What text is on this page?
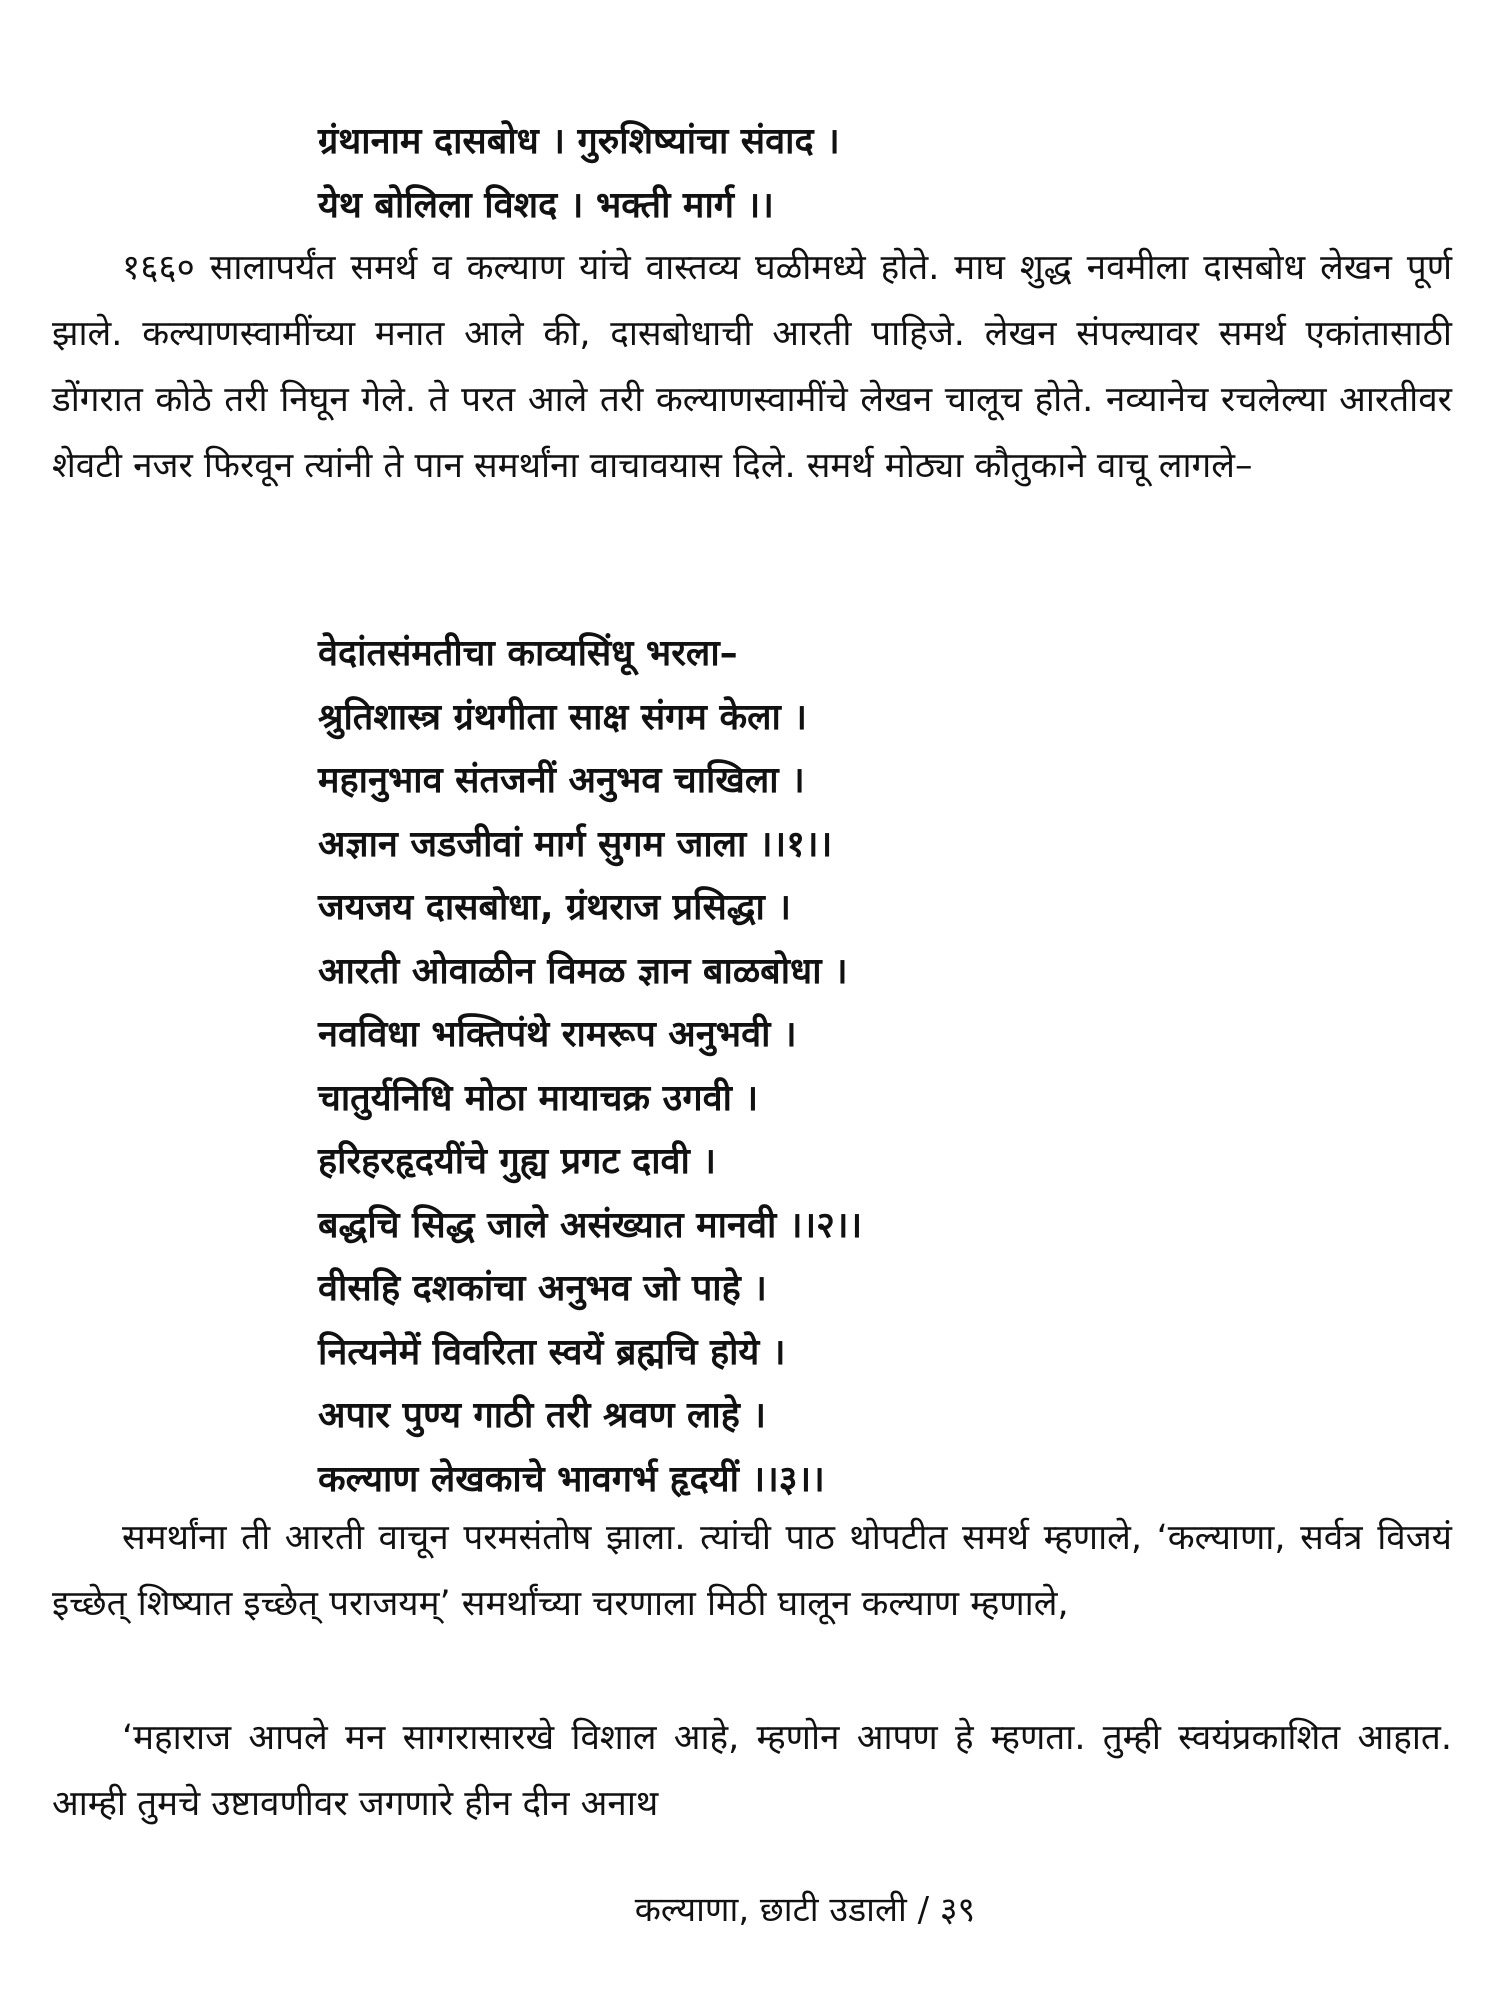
ग्रंथानाम दासबोध । गुरुशिष्यांचा संवाद ।

येथ बोलिला विशद । भक्ती मार्ग ।।

१६६० सालापर्यंत समर्थ व कल्याण यांचे वास्तव्य घळीमध्ये होते. माघ शुद्ध नवमीला दासबोध लेखन पूर्ण झाले. कल्याणस्वामींच्या मनात आले की, दासबोधाची आरती पाहिजे. लेखन संपल्यावर समर्थ एकांतासाठी डोंगरात कोठे तरी निघून गेले. ते परत आले तरी कल्याणस्वामींचे लेखन चालूच होते. नव्यानेच रचलेल्या आरतीवर शेवटी नजर फिरवून त्यांनी ते पान समर्थांना वाचावयास दिले. समर्थ मोठ्या कौतुकाने वाचू लागले–

वेदांतसंमतीचा काव्यसिंधू भरला–

श्रुतिशास्त्र ग्रंथगीता साक्ष संगम केला ।

महानुभाव संतजनीं अनुभव चाखिला ।

अज्ञान जडजीवां मार्ग सुगम जाला ।।१।।

जयजय दासबोधा, ग्रंथराज प्रसिद्धा ।

आरती ओवाळीन विमळ ज्ञान बाळबोधा ।

नवविधा भक्तिपंथे रामरूप अनुभवी ।

चातुर्यनिधि मोठा मायाचक्र उगवी ।

हरिहरहृदयींचे गुह्य प्रगट दावी ।

बद्धचि सिद्ध जाले असंख्यात मानवी ।।२।।

वीसहि दशकांचा अनुभव जो पाहे ।

नित्यनेमें विवरिता स्वयें ब्रह्मचि होये ।

अपार पुण्य गाठी तरी श्रवण लाहे ।

कल्याण लेखकाचे भावगर्भ हृदयीं ।।३।।

समर्थांना ती आरती वाचून परमसंतोष झाला. त्यांची पाठ थोपटीत समर्थ म्हणाले, ‘कल्याणा, सर्वत्र विजयं इच्छेत् शिष्यात इच्छेत् पराजयम्’ समर्थांच्या चरणाला मिठी घालून कल्याण म्हणाले,

‘महाराज आपले मन सागरासारखे विशाल आहे, म्हणोन आपण हे म्हणता. तुम्ही स्वयंप्रकाशित आहात. आम्ही तुमचे उष्टावणीवर जगणारे हीन दीन अनाथ

कल्याणा, छाटी उडाली / ३९
